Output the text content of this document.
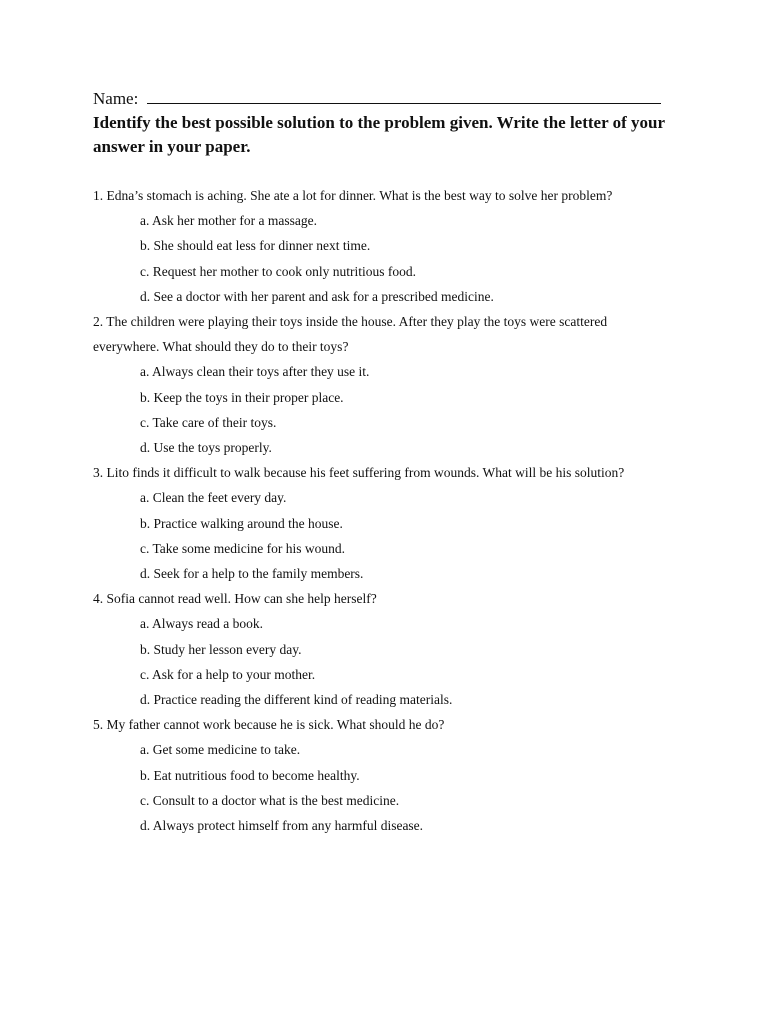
Name:

Identify the best possible solution to the problem given. Write the letter of your answer in your paper.

1. Edna’s stomach is aching. She ate a lot for dinner. What is the best way to solve her problem?
a. Ask her mother for a massage.
b. She should eat less for dinner next time.
c. Request her mother to cook only nutritious food.
d. See a doctor with her parent and ask for a prescribed medicine.
2. The children were playing their toys inside the house. After they play the toys were scattered everywhere. What should they do to their toys?
a. Always clean their toys after they use it.
b. Keep the toys in their proper place.
c. Take care of their toys.
d. Use the toys properly.
3. Lito finds it difficult to walk because his feet suffering from wounds. What will be his solution?
a. Clean the feet every day.
b. Practice walking around the house.
c. Take some medicine for his wound.
d. Seek for a help to the family members.
4. Sofia cannot read well. How can she help herself?
a. Always read a book.
b. Study her lesson every day.
c. Ask for a help to your mother.
d. Practice reading the different kind of reading materials.
5. My father cannot work because he is sick. What should he do?
a. Get some medicine to take.
b. Eat nutritious food to become healthy.
c. Consult to a doctor what is the best medicine.
d. Always protect himself from any harmful disease.
